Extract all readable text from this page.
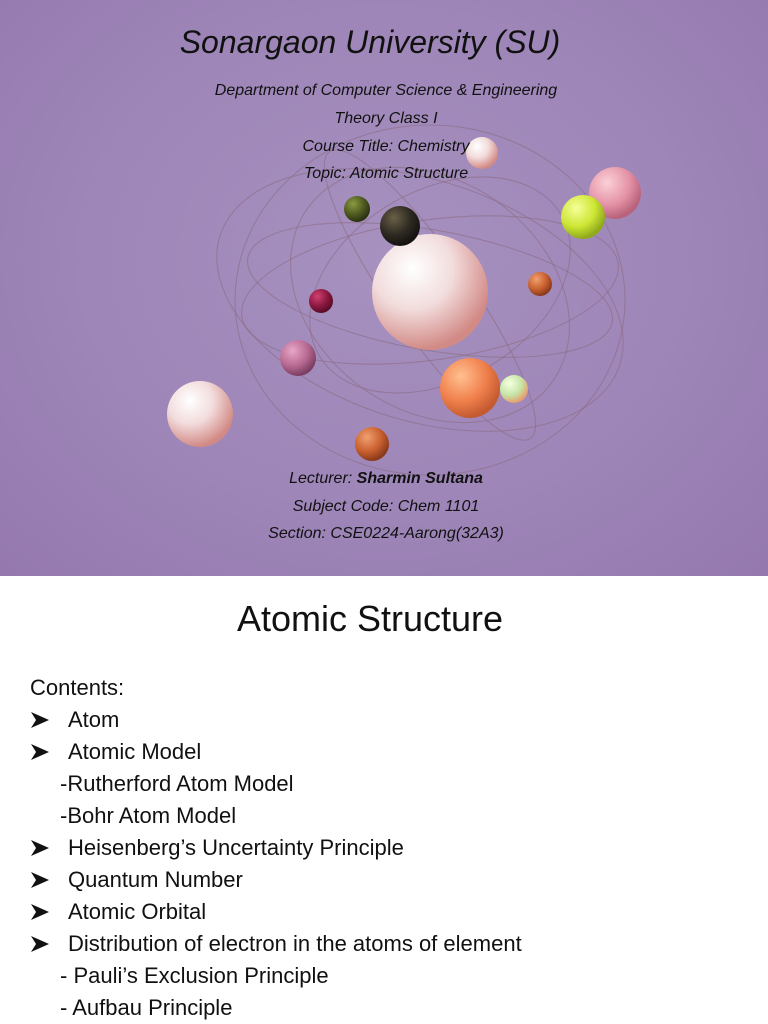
Sonargaon University (SU)
Department of Computer Science & Engineering
Theory Class I
Course Title: Chemistry
Topic: Atomic Structure
Lecturer: Sharmin Sultana
Subject Code: Chem 1101
Section: CSE0224-Aarong(32A3)
Atomic Structure
Contents:
Atom
Atomic Model
-Rutherford Atom Model
-Bohr Atom Model
Heisenberg’s Uncertainty Principle
Quantum Number
Atomic Orbital
Distribution of electron in the atoms of element
- Pauli’s Exclusion Principle
- Aufbau Principle
